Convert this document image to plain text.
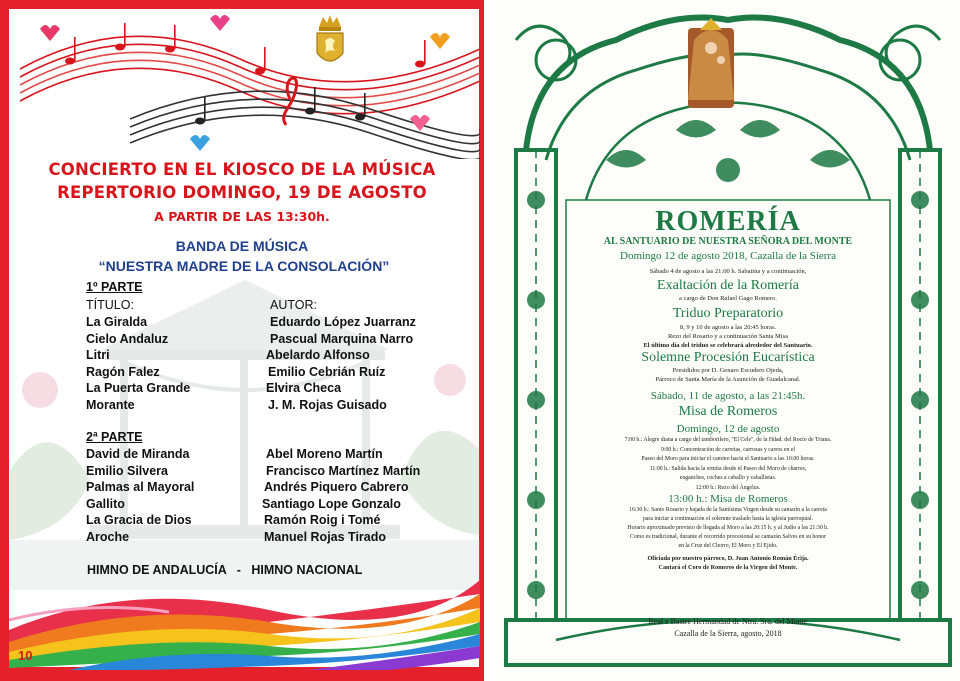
CONCIERTO EN EL KIOSCO DE LA MÚSICA
REPERTORIO DOMINGO, 19 DE AGOSTO
A PARTIR DE LAS 13:30h.
BANDA DE MÚSICA
“NUESTRA MADRE DE LA CONSOLACIÓN”
1º PARTE
TÍTULO:	AUTOR:
La Giralda	Eduardo López Juarranz
Cielo Andaluz	Pascual Marquina Narro
Litri	Abelardo Alfonso
Ragón Falez	Emilio Cebrián Ruíz
La Puerta Grande	Elvira Checa
Morante	J. M. Rojas Guisado
2ª PARTE
David de Miranda	Abel Moreno Martín
Emilio Silvera	Francisco Martínez Martín
Palmas al Mayoral	Andrés Piquero Cabrero
Gallito	Santiago Lope Gonzalo
La Gracia de Dios	Ramón Roig i Tomé
Aroche	Manuel Rojas Tirado
HIMNO DE ANDALUCÍA   -   HIMNO NACIONAL
10
ROMERÍA
AL SANTUARIO DE NUESTRA SEÑORA DEL MONTE
Domingo 12 de agosto 2018, Cazalla de la Sierra
Sábado 4 de agosto a las 21:00 h. Sabatina y a continuación,
Exaltación de la Romería
a cargo de Don Rafael Gago Romero.
Triduo Preparatorio
8, 9 y 10 de agosto a las 20:45 horas.
Rezo del Rosario y a continuación Santa Misa
El último día del triduo se celebrará alrededor del Santuario.
Solemne Procesión Eucarística
Presididos por D. Genaro Escudero Ojeda,
Párroco de Santa María de la Asunción de Guadalcanal.
Sábado, 11 de agosto, a las 21:45h.
Misa de Romeros
Domingo, 12 de agosto
7:00 h.: Alegre diana a cargo del tamborilero, "El Cele", de la Hdad. del Rocío de Triana.
9:00 h.: Concentración de carretas, carrozas y carros en el
Paseo del Moro para iniciar el camino hacia el Santuario a las 10:00 horas.
11:00 h.: Salida hacia la ermita desde el Paseo del Moro de charres,
enganches, coches a caballo y caballistas.
12:00 h.: Rezo del Ángelus.
13:00 h.: Misa de Romeros
16:30 h.: Santo Rosario y bajada de la Santísima Virgen desde su camarín a la carreta
para iniciar a continuación el solemne traslado hasta la iglesia parroquial.
Horario aproximado previsto de llegada al Moro a las 20:15 h. y al Judío a las 21:30 h.
Como es tradicional, durante el recorrido procesional se cantarán Salves en su honor
en la Cruz del Chorro, El Moro y El Ejido.
Oficiada por nuestro párroco, D. Juan Antonio Román Écija.
Cantará el Coro de Romeros de la Virgen del Monte.
Real e Ilustre Hermandad de Ntra. Sra. del Monte
Cazalla de la Sierra, agosto, 2018
